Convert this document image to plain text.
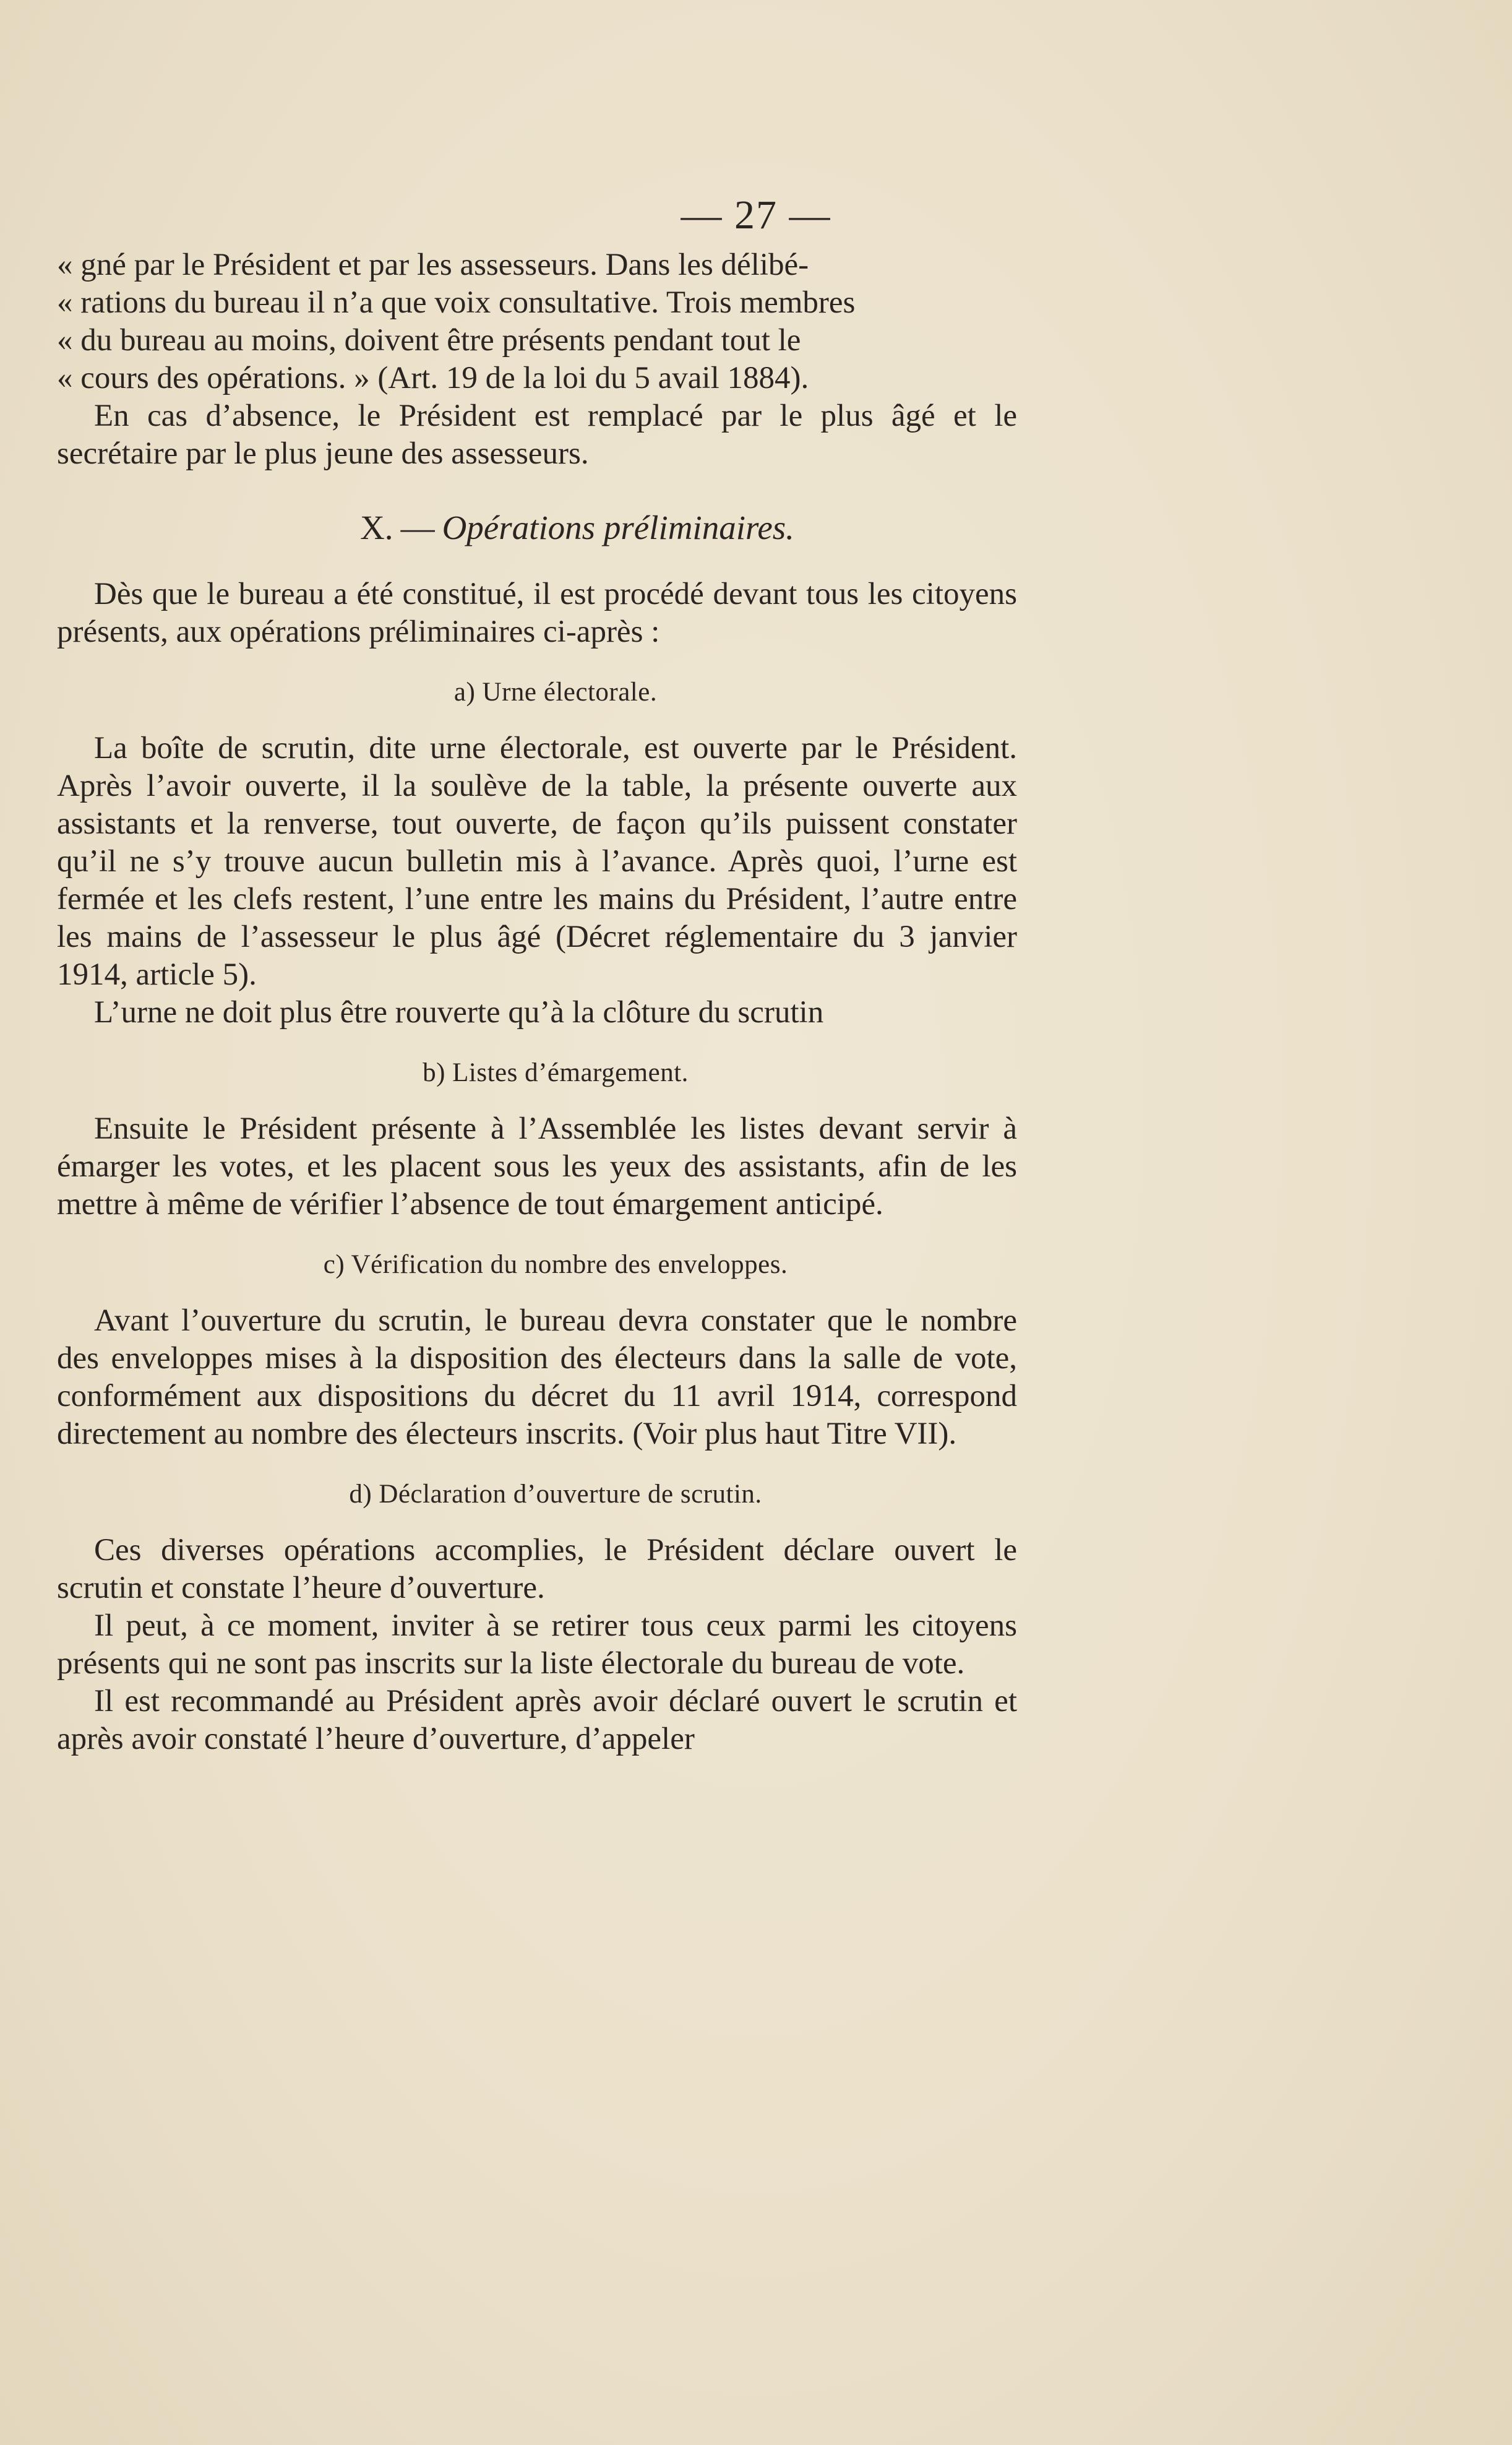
— 27 —

« gné par le Président et par les assesseurs. Dans les délibé-

« rations du bureau il n’a que voix consultative. Trois membres

« du bureau au moins, doivent être présents pendant tout le

« cours des opérations. » (Art. 19 de la loi du 5 avail 1884).

En cas d’absence, le Président est remplacé par le plus âgé et le secrétaire par le plus jeune des assesseurs.

X. — Opérations préliminaires.

Dès que le bureau a été constitué, il est procédé devant tous les citoyens présents, aux opérations préliminaires ci-après :

a) Urne électorale.

La boîte de scrutin, dite urne électorale, est ouverte par le Président. Après l’avoir ouverte, il la soulève de la table, la présente ouverte aux assistants et la renverse, tout ouverte, de façon qu’ils puissent constater qu’il ne s’y trouve aucun bulletin mis à l’avance. Après quoi, l’urne est fermée et les clefs restent, l’une entre les mains du Président, l’autre entre les mains de l’assesseur le plus âgé (Décret réglementaire du 3 janvier 1914, article 5).

L’urne ne doit plus être rouverte qu’à la clôture du scrutin

b) Listes d’émargement.

Ensuite le Président présente à l’Assemblée les listes devant servir à émarger les votes, et les placent sous les yeux des assistants, afin de les mettre à même de vérifier l’absence de tout émargement anticipé.

c) Vérification du nombre des enveloppes.

Avant l’ouverture du scrutin, le bureau devra constater que le nombre des enveloppes mises à la disposition des électeurs dans la salle de vote, conformément aux dispositions du décret du 11 avril 1914, correspond directement au nombre des électeurs inscrits. (Voir plus haut Titre VII).

d) Déclaration d’ouverture de scrutin.

Ces diverses opérations accomplies, le Président déclare ouvert le scrutin et constate l’heure d’ouverture.

Il peut, à ce moment, inviter à se retirer tous ceux parmi les citoyens présents qui ne sont pas inscrits sur la liste électorale du bureau de vote.

Il est recommandé au Président après avoir déclaré ouvert le scrutin et après avoir constaté l’heure d’ouverture, d’appeler
